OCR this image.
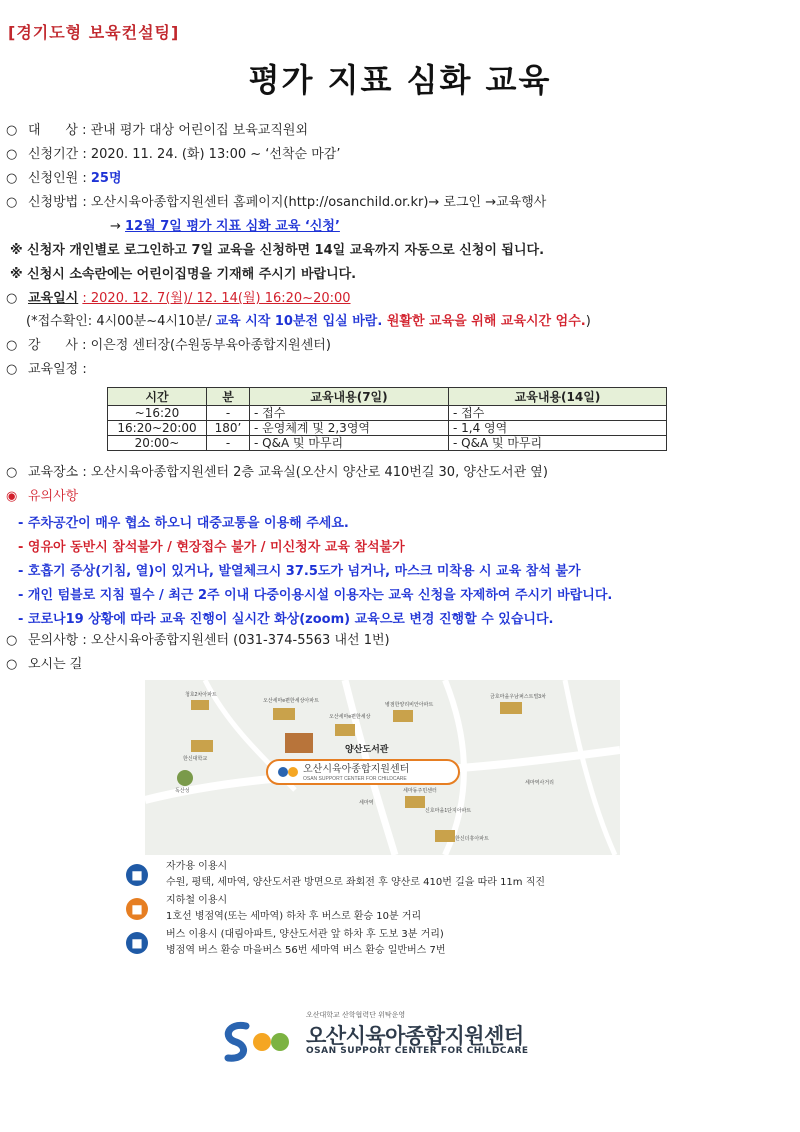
[경기도형 보육컨설팅]
평가 지표 심화 교육
○ 대      상 : 관내 평가 대상 어린이집 보육교직원외
○ 신청기간 : 2020. 11. 24. (화) 13:00 ~ ‘선착순 마감’
○ 신청인원 : 25명
○ 신청방법 : 오산시육아종합지원센터 홈페이지(http://osanchild.or.kr)→ 로그인 →교육행사
→ 12월 7일 평가 지표 심화 교육 ‘신청’
※ 신청자 개인별로 로그인하고 7일 교육을 신청하면 14일 교육까지 자동으로 신청이 됩니다.
※ 신청시 소속란에는 어린이집명을 기재해 주시기 바랍니다.
○ 교육일시 : 2020. 12. 7(월)/ 12. 14(월) 16:20~20:00
(*접수확인: 4시00분~4시10분/ 교육 시작 10분전 입실 바람. 원활한 교육을 위해 교육시간 엄수.)
○ 강      사 : 이은정 센터장(수원동부육아종합지원센터)
○ 교육일정 :
시간	분	교육내용(7일)	교육내용(14일)
~16:20	-	- 접수	- 접수
16:20~20:00	180’	- 운영체계 및 2,3영역	- 1,4 영역
20:00~	-	- Q&A 및 마무리	- Q&A 및 마무리
○ 교육장소 : 오산시육아종합지원센터 2층 교육실(오산시 양산로 410번길 30, 양산도서관 옆)
◉ 유의사항
- 주차공간이 매우 협소 하오니 대중교통을 이용해 주세요.
- 영유아 동반시 참석불가 / 현장접수 불가 / 미신청자 교육 참석불가
- 호흡기 증상(기침, 열)이 있거나, 발열체크시 37.5도가 넘거나, 마스크 미착용 시 교육 참석 불가
- 개인 텀블로 지침 필수 / 최근 2주 이내 다중이용시설 이용자는 교육 신청을 자제하여 주시기 바랍니다.
- 코로나19 상황에 따라 교육 진행이 실시간 화상(zoom) 교육으로 변경 진행할 수 있습니다.
○ 문의사항 : 오산시육아종합지원센터 (031-374-5563 내선 1번)
○ 오시는 길
오산시육아종합지원센터
OSAN SUPPORT CENTER FOR CHILDCARE
양산도서관
청호2차아파트
오산세마e편한세상아파트
오산세마e편한세상
병점한양리비안아파트
금호마을우남퍼스트빌3차
한신대학교
독산성
세마역
세마동주민센터
신호마을1단지아파트
세마역사거리
한신더휴아파트
■
자가용 이용시
수원, 평택, 세마역, 양산도서관 방면으로 좌회전 후 양산로 410번 길을 따라 11m 직진
■
지하철 이용시
1호선 병점역(또는 세마역) 하차 후 버스로 환승 10분 거리
■
버스 이용시 (대림아파트, 양산도서관 앞 하차 후 도보 3분 거리)
병점역 버스 환승 마을버스 56번 세마역 버스 환승 일반버스 7번
오산대학교 산학협력단 위탁운영
오산시육아종합지원센터
OSAN SUPPORT CENTER FOR CHILDCARE
